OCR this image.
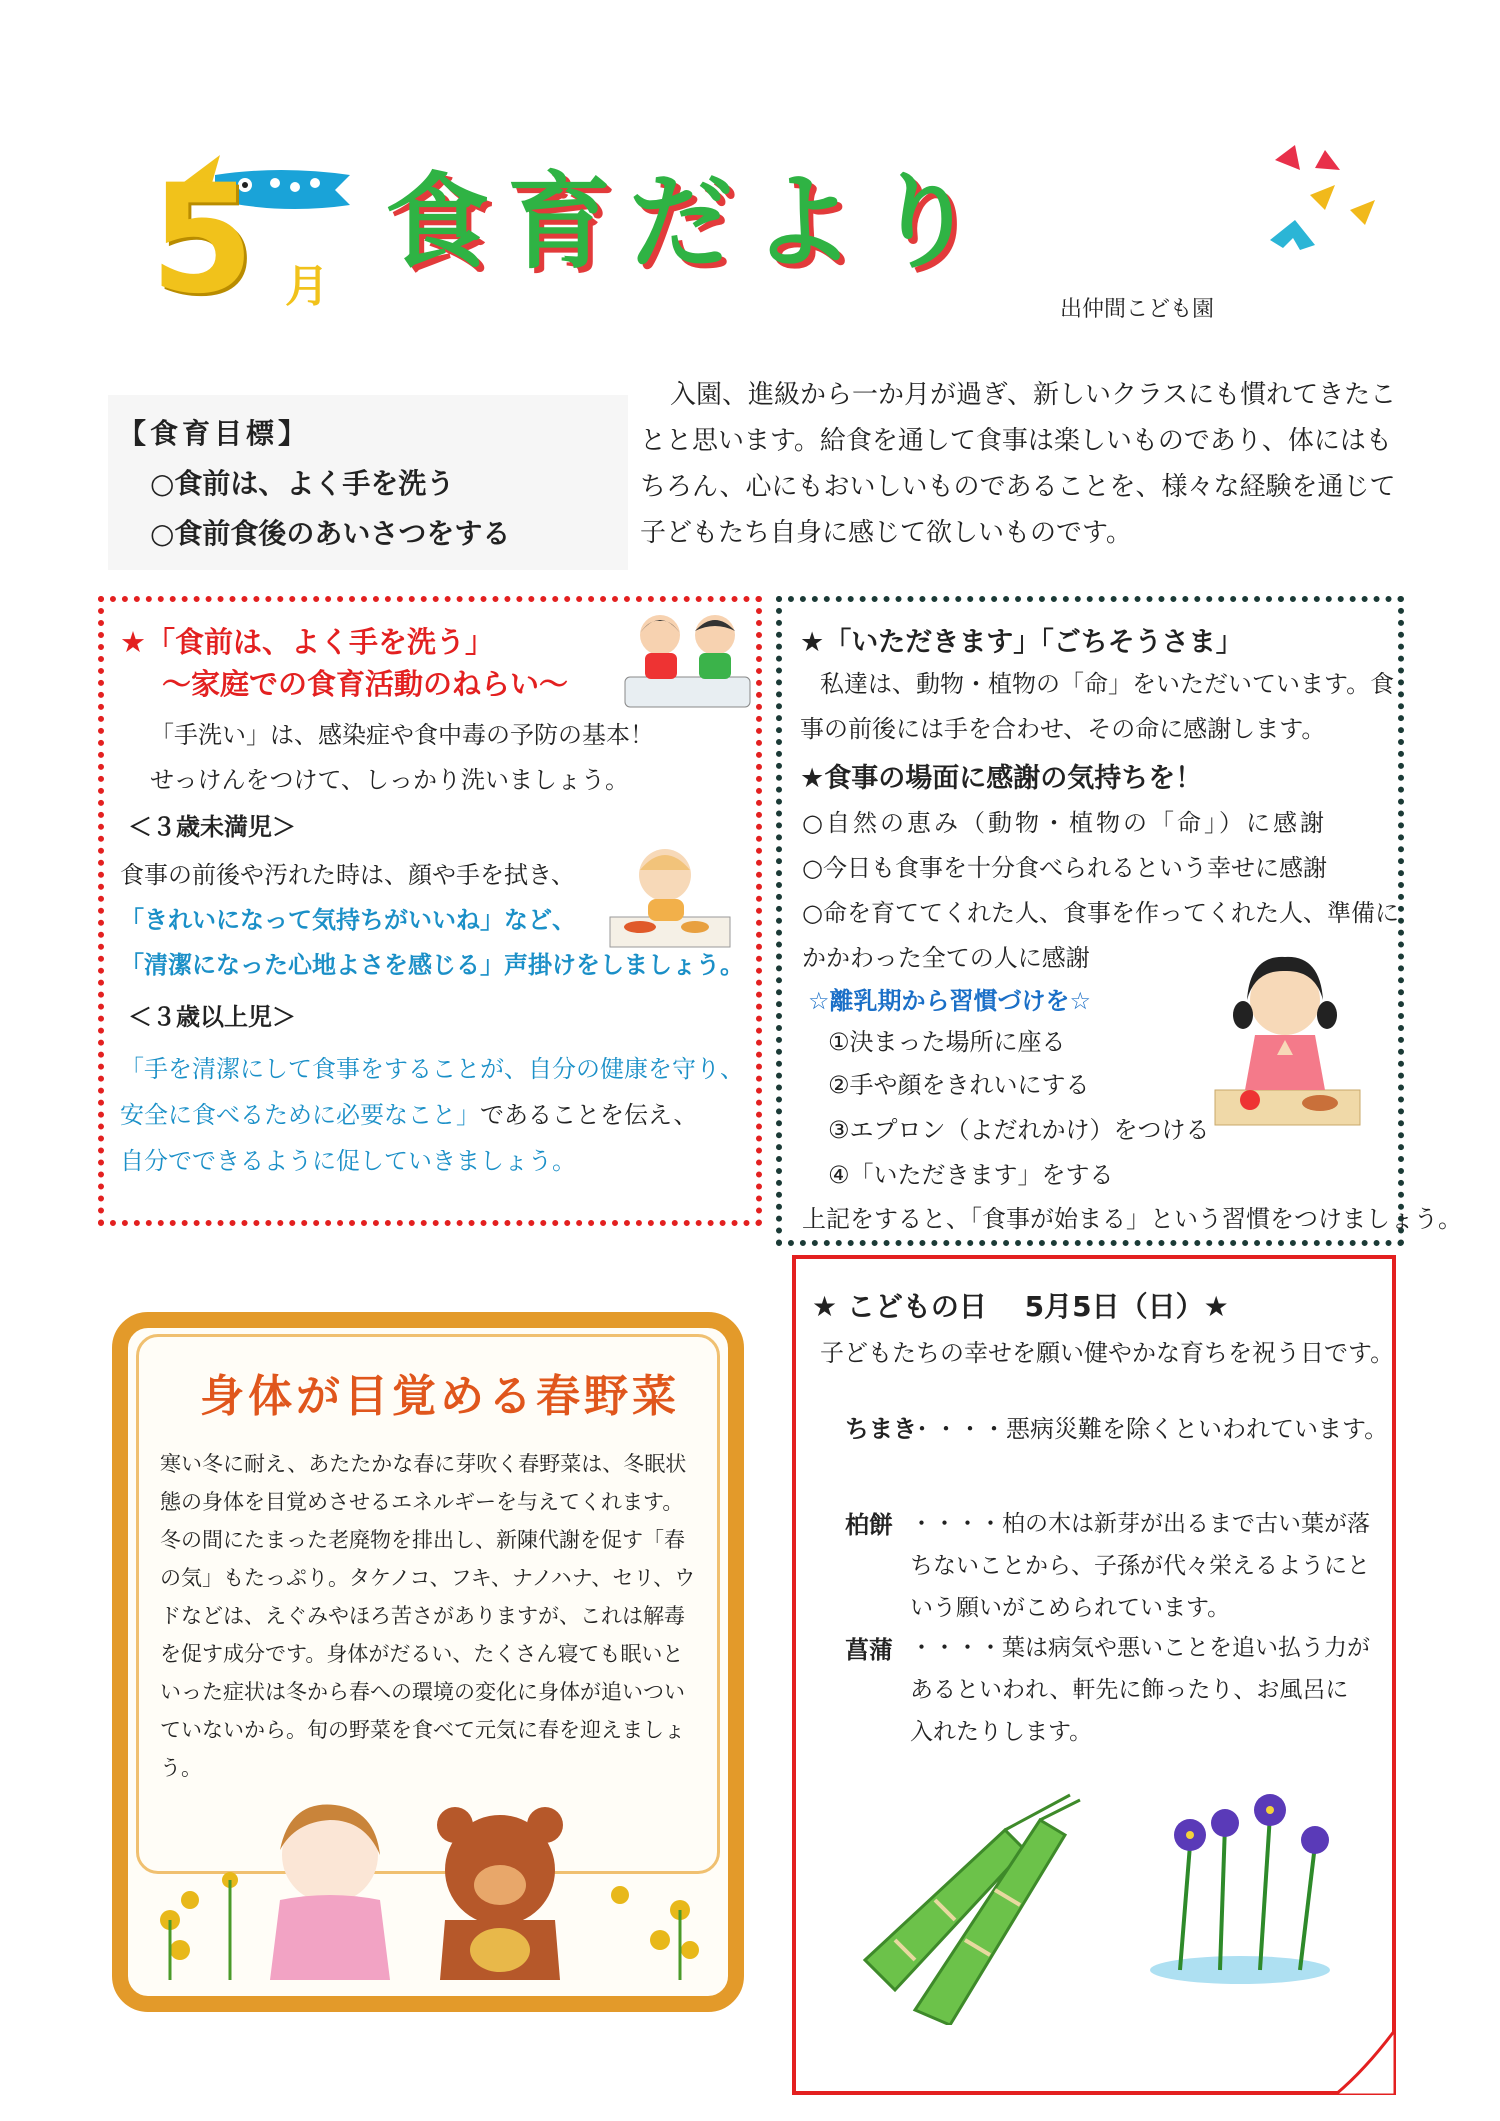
5 月
食育だより
出仲間こども園
【食育目標】
○食前は、よく手を洗う
○食前食後のあいさつをする
入園、進級から一か月が過ぎ、新しいクラスにも慣れてきたことと思います。給食を通して食事は楽しいものであり、体にはもちろん、心にもおいしいものであることを、様々な経験を通じて子どもたち自身に感じて欲しいものです。
★「食前は、よく手を洗う」
～家庭での食育活動のねらい～
「手洗い」は、感染症や食中毒の予防の基本！
せっけんをつけて、しっかり洗いましょう。
＜３歳未満児＞
食事の前後や汚れた時は、顔や手を拭き、
「きれいになって気持ちがいいね」など、
「清潔になった心地よさを感じる」声掛けをしましょう。
＜３歳以上児＞
「手を清潔にして食事をすることが、自分の健康を守り、
安全に食べるために必要なこと」であることを伝え、
自分でできるように促していきましょう。
★「いただきます」「ごちそうさま」
私達は、動物・植物の「命」をいただいています。食
事の前後には手を合わせ、その命に感謝します。
★食事の場面に感謝の気持ちを！
○自然の恵み（動物・植物の「命」）に感謝
○今日も食事を十分食べられるという幸せに感謝
○命を育ててくれた人、食事を作ってくれた人、準備に
かかわった全ての人に感謝
☆離乳期から習慣づけを☆
①決まった場所に座る
②手や顔をきれいにする
③エプロン（よだれかけ）をつける
④「いただきます」をする
上記をすると、「食事が始まる」という習慣をつけましょう。
身体が目覚める春野菜
寒い冬に耐え、あたたかな春に芽吹く春野菜は、冬眠状態の身体を目覚めさせるエネルギーを与えてくれます。冬の間にたまった老廃物を排出し、新陳代謝を促す「春の気」もたっぷり。タケノコ、フキ、ナノハナ、セリ、ウドなどは、えぐみやほろ苦さがありますが、これは解毒を促す成分です。身体がだるい、たくさん寝ても眠いといった症状は冬から春への環境の変化に身体が追いついていないから。旬の野菜を食べて元気に春を迎えましょう。
★ こどもの日　 5月5日（日）★
子どもたちの幸せを願い健やかな育ちを祝う日です。
ちまき
・・・・悪病災難を除くといわれています。
柏餅 ・・・・柏の木は新芽が出るまで古い葉が落ちないことから、子孫が代々栄えるようにという願いがこめられています。
菖蒲 ・・・・葉は病気や悪いことを追い払う力があるといわれ、軒先に飾ったり、お風呂に入れたりします。
